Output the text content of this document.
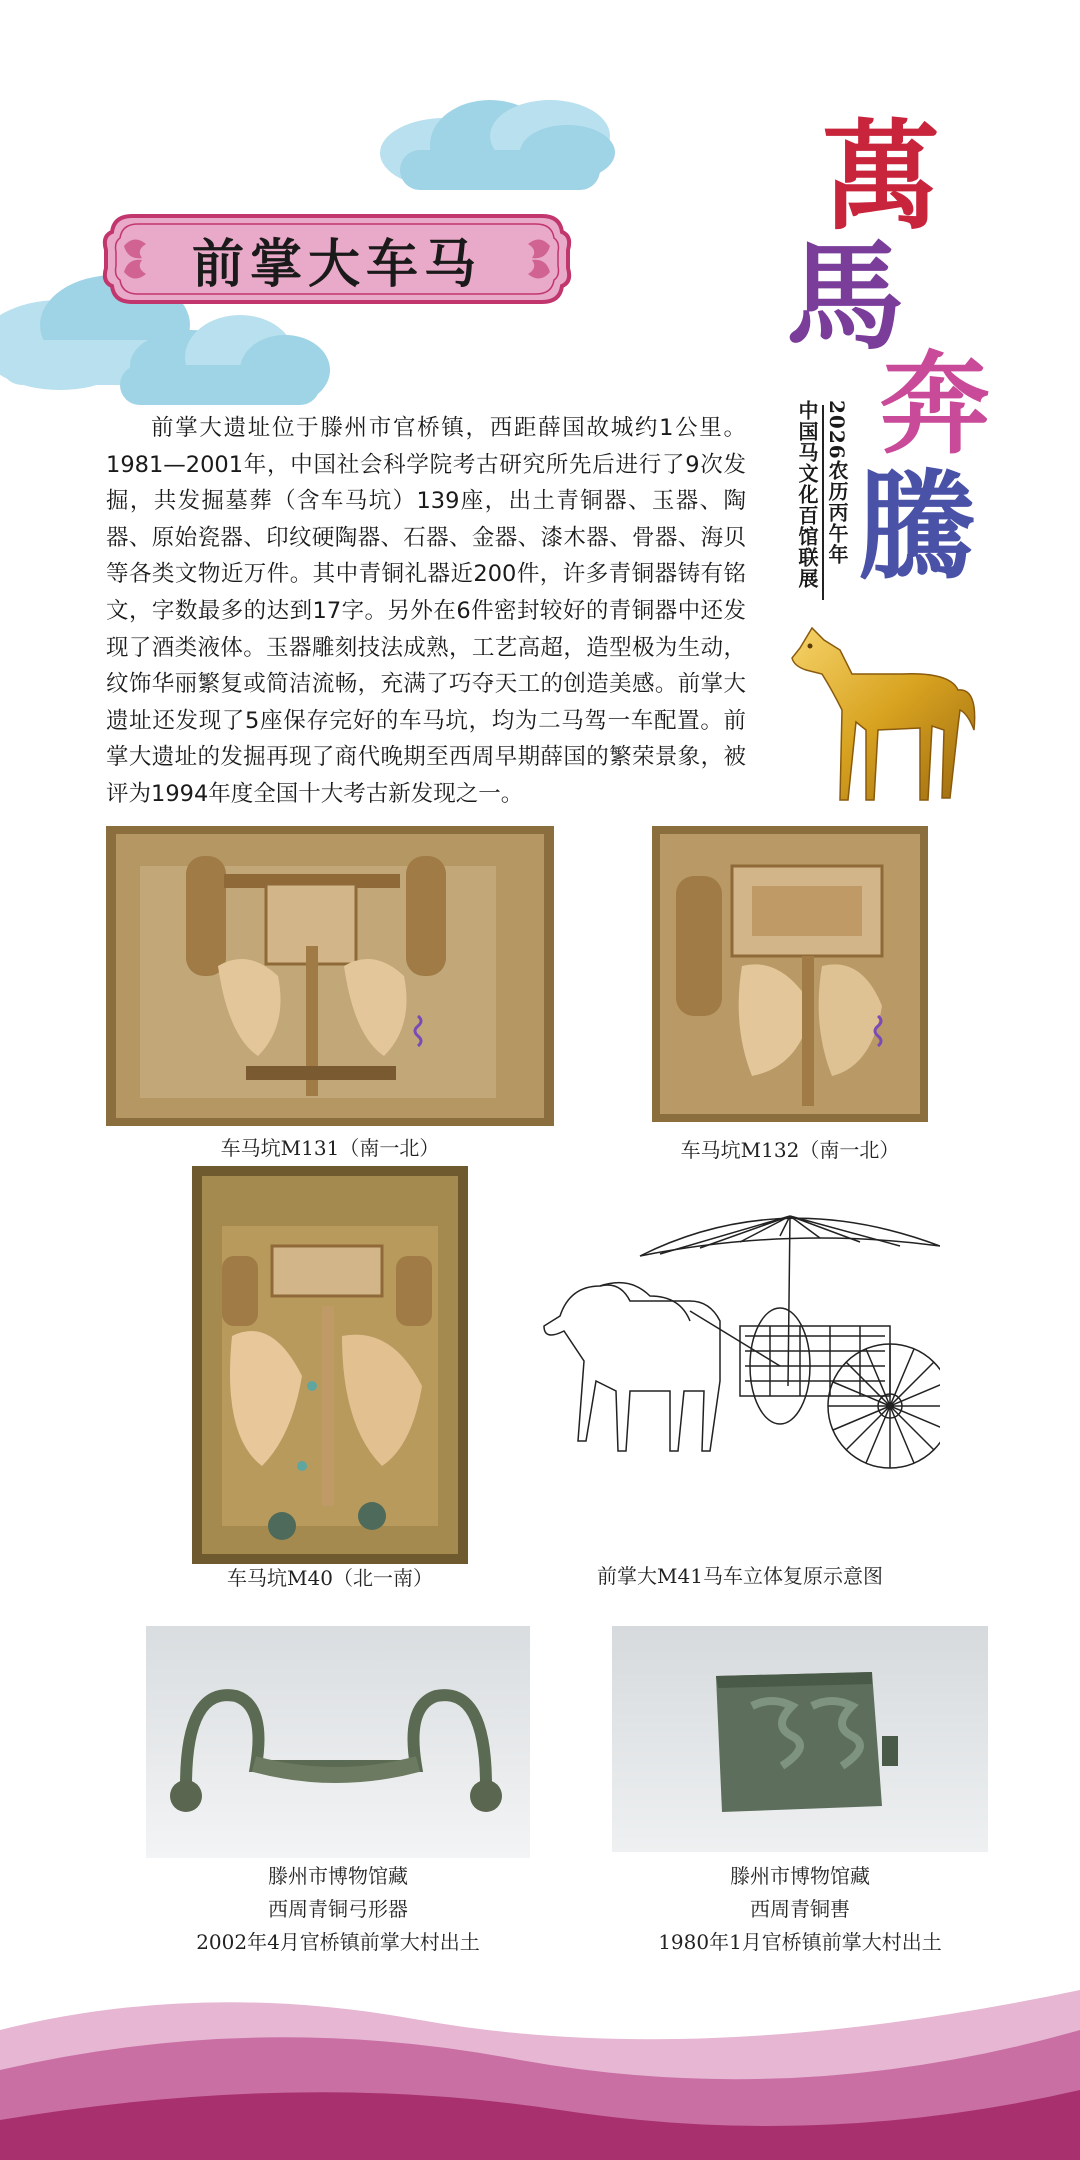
前掌大车马
萬
馬
奔
騰
2026农历丙午年
中国马文化百馆联展
前掌大遗址位于滕州市官桥镇，西距薛国故城约1公里。1981—2001年，中国社会科学院考古研究所先后进行了9次发掘，共发掘墓葬（含车马坑）139座，出土青铜器、玉器、陶器、原始瓷器、印纹硬陶器、石器、金器、漆木器、骨器、海贝等各类文物近万件。其中青铜礼器近200件，许多青铜器铸有铭文，字数最多的达到17字。另外在6件密封较好的青铜器中还发现了酒类液体。玉器雕刻技法成熟，工艺高超，造型极为生动，纹饰华丽繁复或简洁流畅，充满了巧夺天工的创造美感。前掌大遗址还发现了5座保存完好的车马坑，均为二马驾一车配置。前掌大遗址的发掘再现了商代晚期至西周早期薛国的繁荣景象，被评为1994年度全国十大考古新发现之一。
车马坑M131（南一北）	车马坑M132（南一北）
车马坑M40（北一南）	前掌大M41马车立体复原示意图
滕州市博物馆藏
西周青铜弓形器
2002年4月官桥镇前掌大村出土
滕州市博物馆藏
西周青铜軎
1980年1月官桥镇前掌大村出土
